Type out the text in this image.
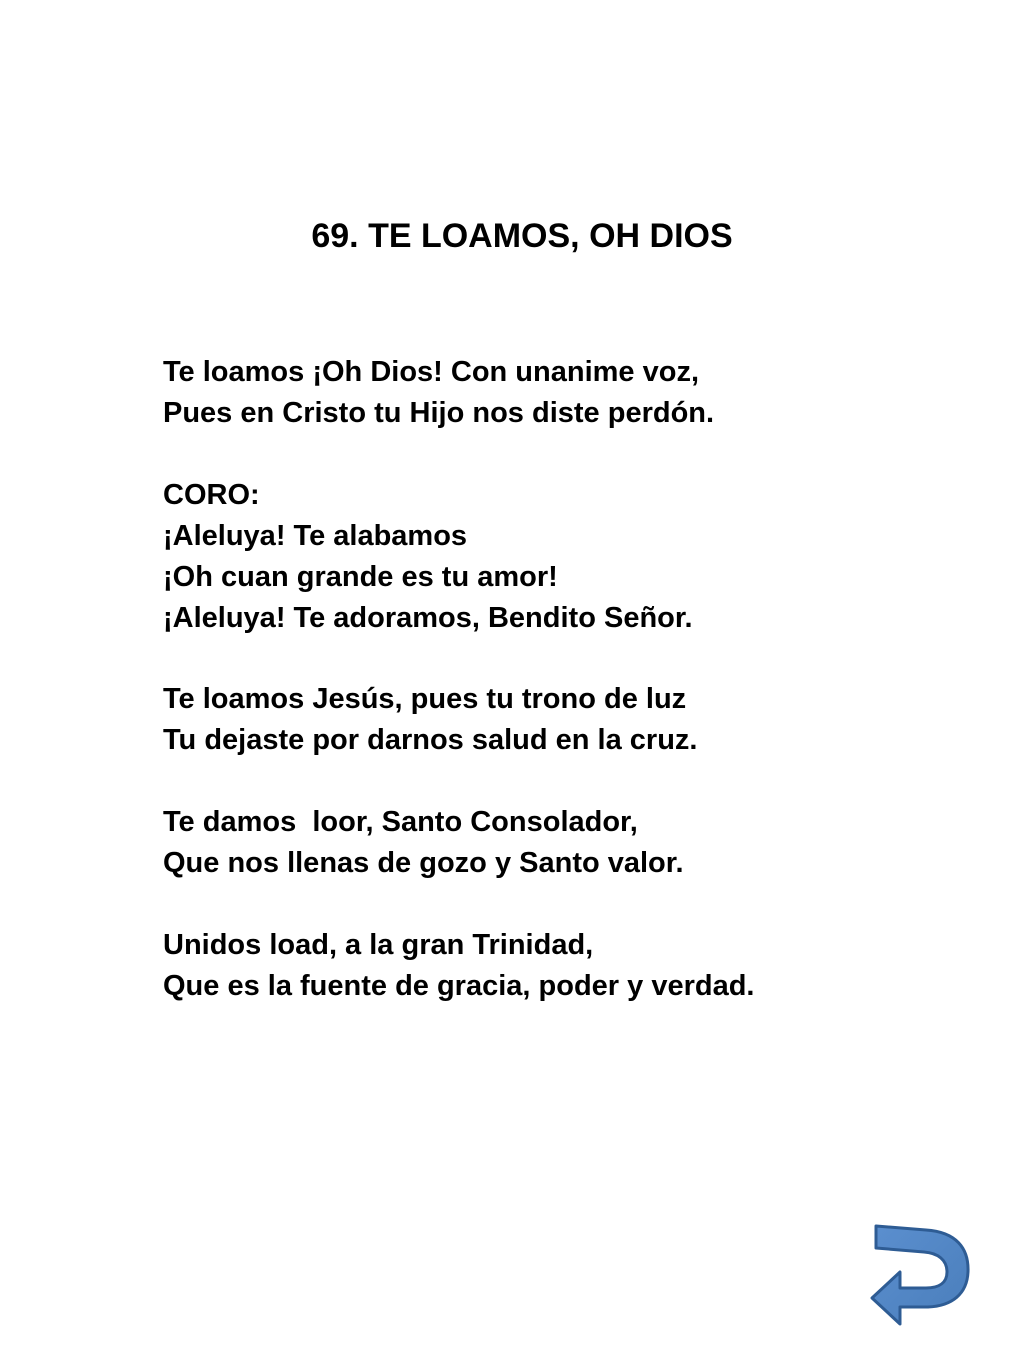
69. TE LOAMOS, OH DIOS
Te loamos ¡Oh Dios! Con unanime voz,
Pues en Cristo tu Hijo nos diste perdón.
CORO:
¡Aleluya! Te alabamos
¡Oh cuan grande es tu amor!
¡Aleluya! Te adoramos, Bendito Señor.
Te loamos Jesús, pues tu trono de luz
Tu dejaste por darnos salud en la cruz.
Te damos  loor, Santo Consolador,
Que nos llenas de gozo y Santo valor.
Unidos load, a la gran Trinidad,
Que es la fuente de gracia, poder y verdad.
